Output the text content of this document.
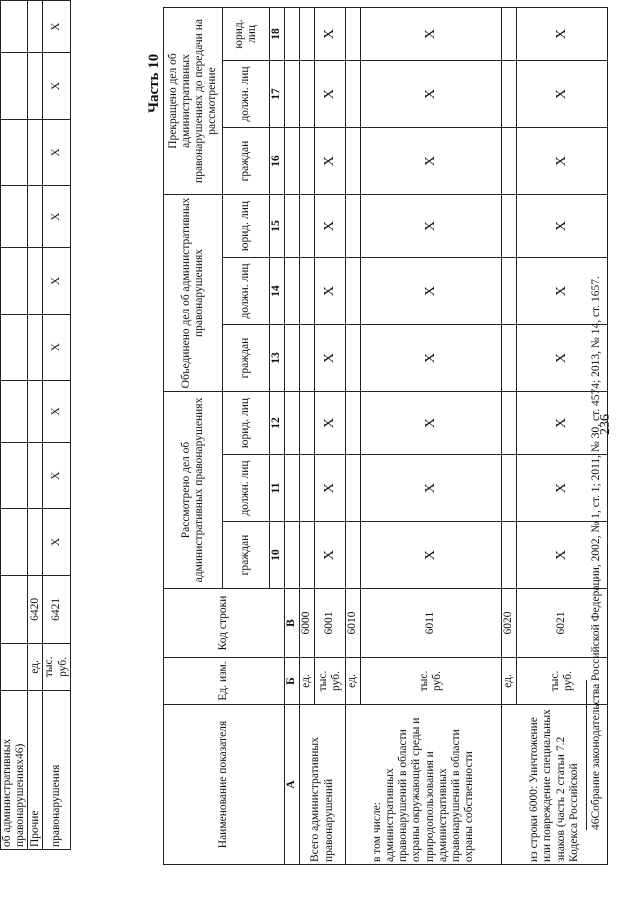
236
Часть 10
об административных правонарушениях46)											
Прочие	ед.	6420									
правонарушения	тыс. руб.	6421	X	X	X	X	X	X	X	X	X
Наименование показателя	Ед. изм.	Код строки	Рассмотрено дел об административных правонарушениях			Объединено дел об административных правонарушениях			Прекращено дел об административных правонарушениях до передачи на рассмотрение		
			граждан	должн. лиц	юрид. лиц	граждан	должн. лиц	юрид. лиц	граждан	должн. лиц	юрид. лиц
			10	11	12	13	14	15	16	17	18
А	Б	В									
Всего административных правонарушений	ед.	6000									
	тыс. руб.	6001	X	X	X	X	X	X	X	X	X
в том числе: административных правонарушений в области охраны окружающей среды и природопользования и административных правонарушений в области охраны собственности	ед.	6010									
	тыс. руб.	6011	X	X	X	X	X	X	X	X	X
из строки 6000: Уничтожение или повреждение специальных знаков (часть 2 статьи 7.2 Кодекса Российской	ед.	6020									
	тыс. руб.	6021	X	X	X	X	X	X	X	X	X
46Собрание законодательства Российской Федерации, 2002, № 1, ст. 1; 2011, № 30, ст. 4574; 2013, № 14, ст. 1657.
